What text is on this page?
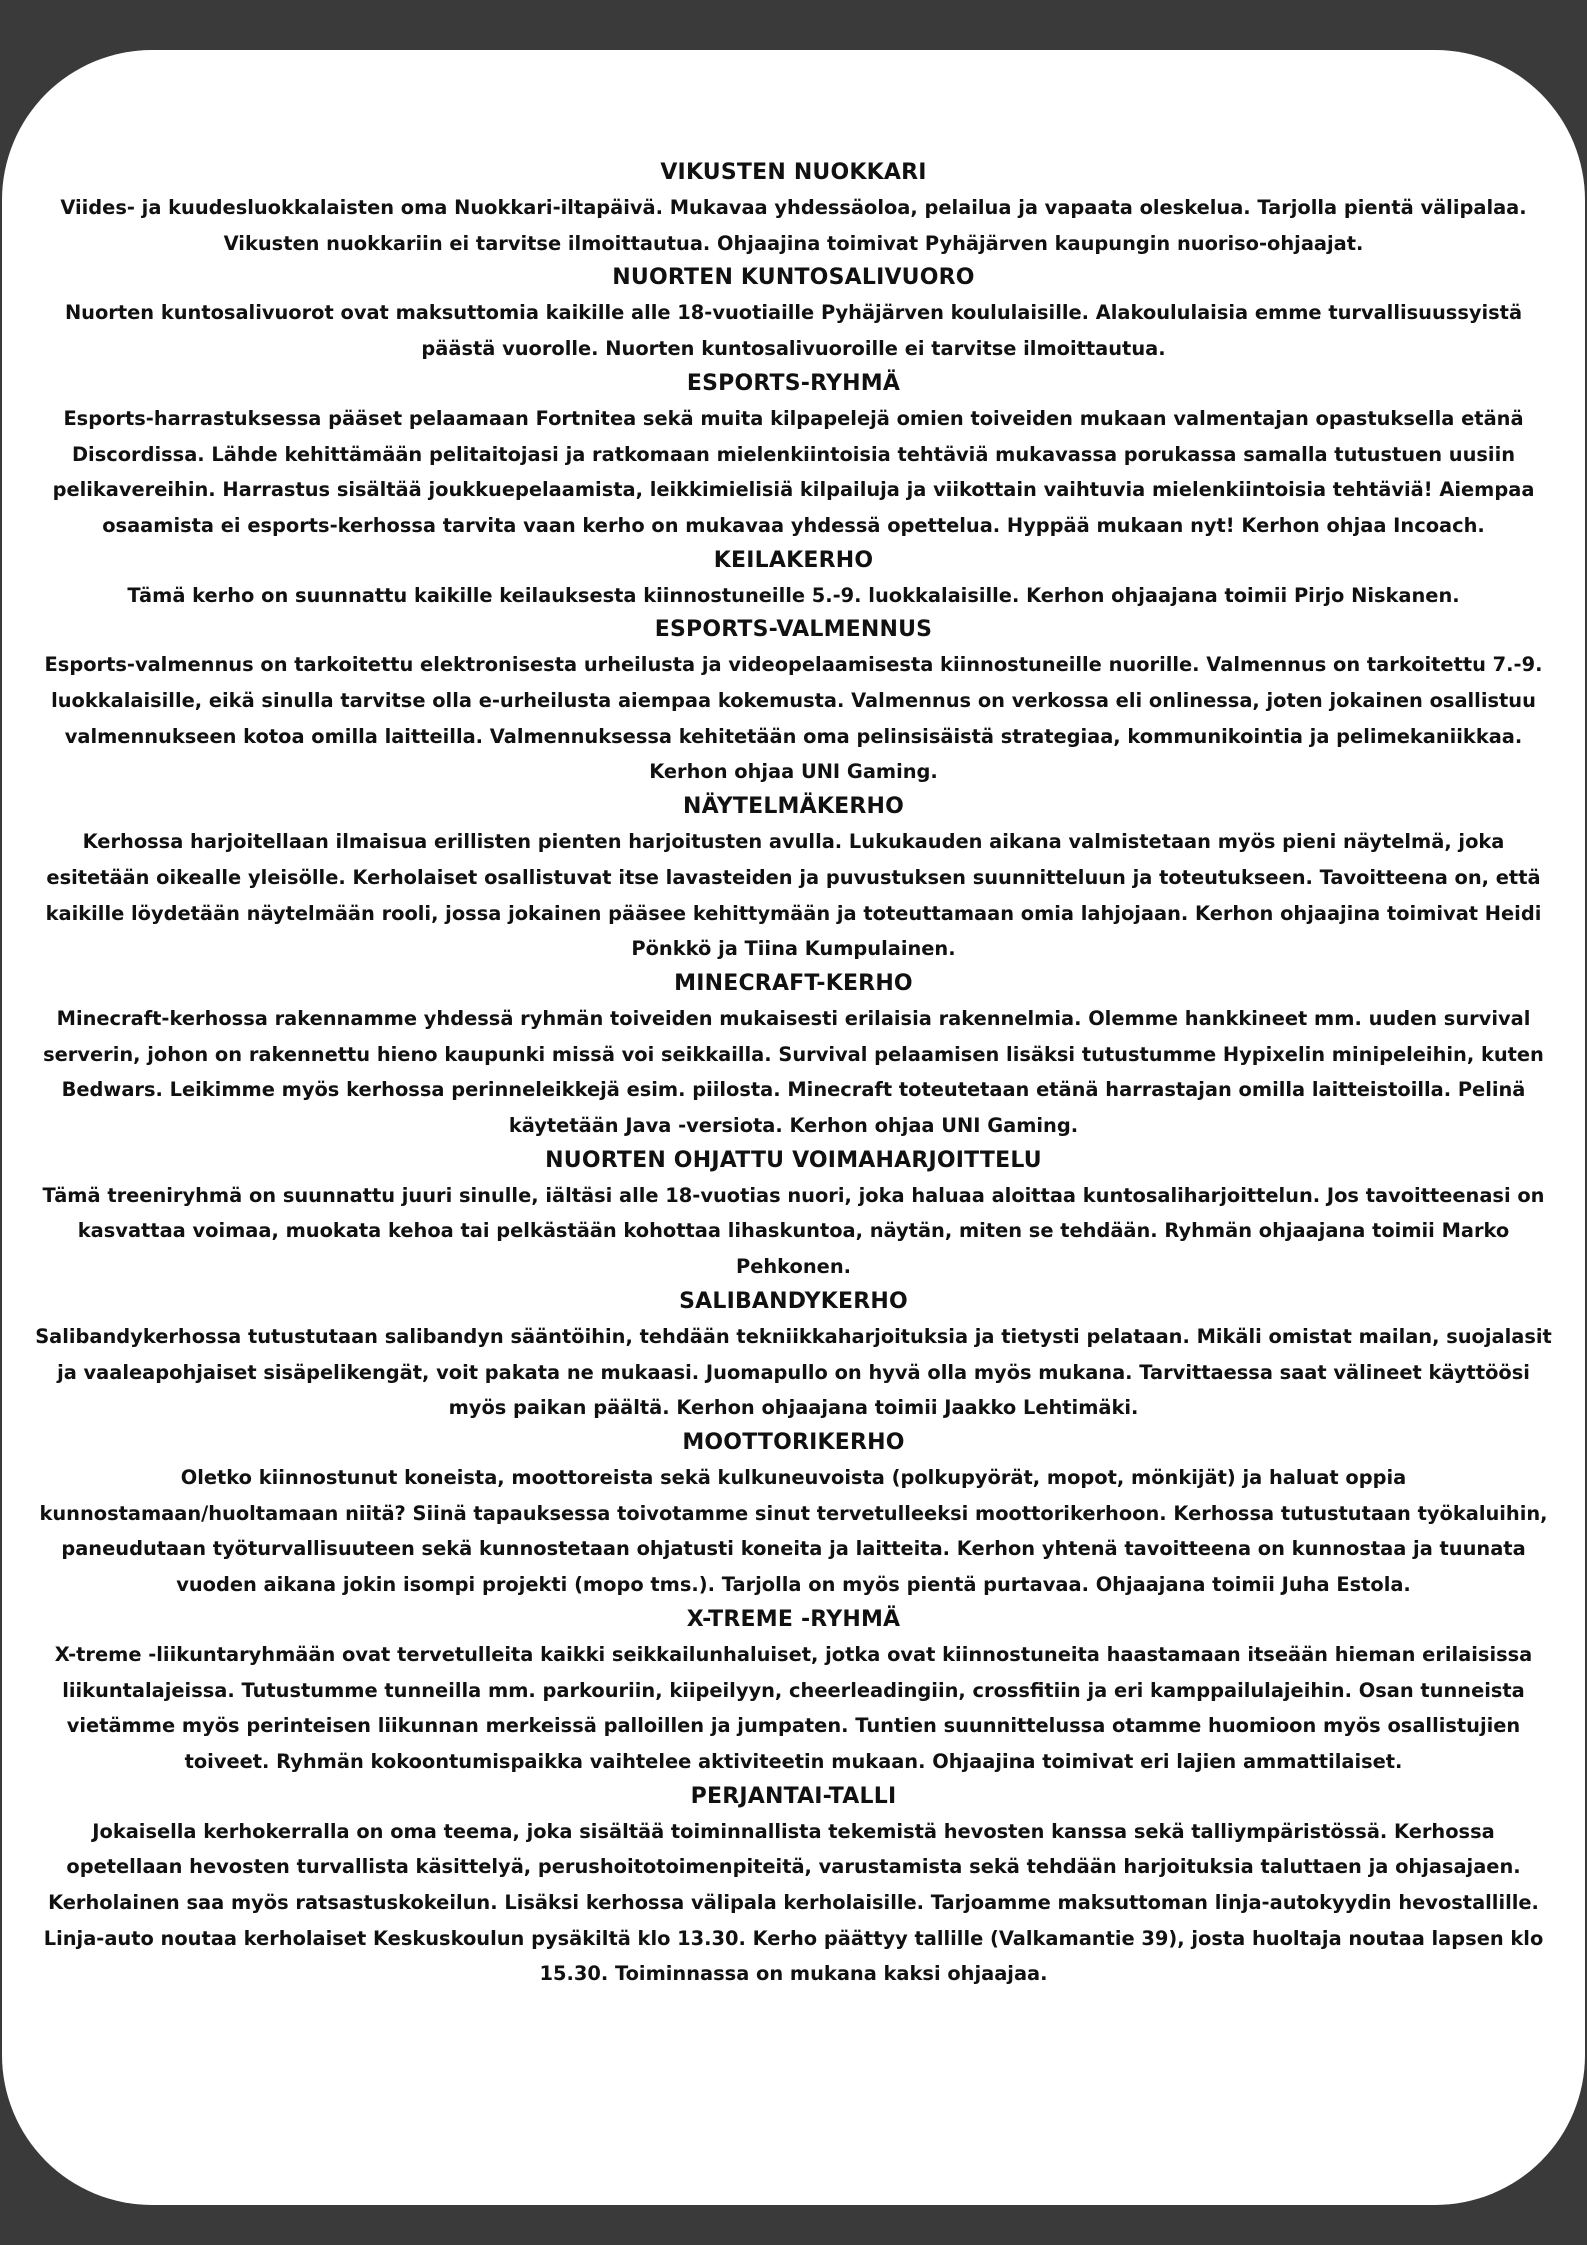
VIKUSTEN NUOKKARI

Viides- ja kuudesluokkalaisten oma Nuokkari-iltapäivä. Mukavaa yhdessäoloa, pelailua ja vapaata oleskelua. Tarjolla pientä välipalaa. Vikusten nuokkariin ei tarvitse ilmoittautua. Ohjaajina toimivat Pyhäjärven kaupungin nuoriso-ohjaajat.

NUORTEN KUNTOSALIVUORO

Nuorten kuntosalivuorot ovat maksuttomia kaikille alle 18-vuotiaille Pyhäjärven koululaisille. Alakoululaisia emme turvallisuussyistä päästä vuorolle. Nuorten kuntosalivuoroille ei tarvitse ilmoittautua.

ESPORTS-RYHMÄ

Esports-harrastuksessa pääset pelaamaan Fortnitea sekä muita kilpapelejä omien toiveiden mukaan valmentajan opastuksella etänä Discordissa. Lähde kehittämään pelitaitojasi ja ratkomaan mielenkiintoisia tehtäviä mukavassa porukassa samalla tutustuen uusiin pelikavereihin. Harrastus sisältää joukkuepelaamista, leikkimielisiä kilpailuja ja viikottain vaihtuvia mielenkiintoisia tehtäviä! Aiempaa osaamista ei esports-kerhossa tarvita vaan kerho on mukavaa yhdessä opettelua. Hyppää mukaan nyt! Kerhon ohjaa Incoach.

KEILAKERHO

Tämä kerho on suunnattu kaikille keilauksesta kiinnostuneille 5.-9. luokkalaisille. Kerhon ohjaajana toimii Pirjo Niskanen.

ESPORTS-VALMENNUS

Esports-valmennus on tarkoitettu elektronisesta urheilusta ja videopelaamisesta kiinnostuneille nuorille. Valmennus on tarkoitettu 7.-9. luokkalaisille, eikä sinulla tarvitse olla e-urheilusta aiempaa kokemusta. Valmennus on verkossa eli onlinessa, joten jokainen osallistuu valmennukseen kotoa omilla laitteilla. Valmennuksessa kehitetään oma pelinsisäistä strategiaa, kommunikointia ja pelimekaniikkaa. Kerhon ohjaa UNI Gaming.

NÄYTELMÄKERHO

Kerhossa harjoitellaan ilmaisua erillisten pienten harjoitusten avulla. Lukukauden aikana valmistetaan myös pieni näytelmä, joka esitetään oikealle yleisölle. Kerholaiset osallistuvat itse lavasteiden ja puvustuksen suunnitteluun ja toteutukseen. Tavoitteena on, että kaikille löydetään näytelmään rooli, jossa jokainen pääsee kehittymään ja toteuttamaan omia lahjojaan. Kerhon ohjaajina toimivat Heidi Pönkkö ja Tiina Kumpulainen.

MINECRAFT-KERHO

Minecraft-kerhossa rakennamme yhdessä ryhmän toiveiden mukaisesti erilaisia rakennelmia. Olemme hankkineet mm. uuden survival serverin, johon on rakennettu hieno kaupunki missä voi seikkailla. Survival pelaamisen lisäksi tutustumme Hypixelin minipeleihin, kuten Bedwars. Leikimme myös kerhossa perinneleikkejä esim. piilosta. Minecraft toteutetaan etänä harrastajan omilla laitteistoilla. Pelinä käytetään Java -versiota. Kerhon ohjaa UNI Gaming.

NUORTEN OHJATTU VOIMAHARJOITTELU

Tämä treeniryhmä on suunnattu juuri sinulle, iältäsi alle 18-vuotias nuori, joka haluaa aloittaa kuntosaliharjoittelun. Jos tavoitteenasi on kasvattaa voimaa, muokata kehoa tai pelkästään kohottaa lihaskuntoa, näytän, miten se tehdään. Ryhmän ohjaajana toimii Marko Pehkonen.

SALIBANDYKERHO

Salibandykerhossa tutustutaan salibandyn sääntöihin, tehdään tekniikkaharjoituksia ja tietysti pelataan. Mikäli omistat mailan, suojalasit ja vaaleapohjaiset sisäpelikengät, voit pakata ne mukaasi. Juomapullo on hyvä olla myös mukana. Tarvittaessa saat välineet käyttöösi myös paikan päältä. Kerhon ohjaajana toimii Jaakko Lehtimäki.

MOOTTORIKERHO

Oletko kiinnostunut koneista, moottoreista sekä kulkuneuvoista (polkupyörät, mopot, mönkijät) ja haluat oppia kunnostamaan/huoltamaan niitä? Siinä tapauksessa toivotamme sinut tervetulleeksi moottorikerhoon. Kerhossa tutustutaan työkaluihin, paneudutaan työturvallisuuteen sekä kunnostetaan ohjatusti koneita ja laitteita. Kerhon yhtenä tavoitteena on kunnostaa ja tuunata vuoden aikana jokin isompi projekti (mopo tms.). Tarjolla on myös pientä purtavaa. Ohjaajana toimii Juha Estola.

X-TREME -RYHMÄ

X-treme -liikuntaryhmään ovat tervetulleita kaikki seikkailunhaluiset, jotka ovat kiinnostuneita haastamaan itseään hieman erilaisissa liikuntalajeissa. Tutustumme tunneilla mm. parkouriin, kiipeilyyn, cheerleadingiin, crossfitiin ja eri kamppailulajeihin. Osan tunneista vietämme myös perinteisen liikunnan merkeissä palloillen ja jumpaten. Tuntien suunnittelussa otamme huomioon myös osallistujien toiveet. Ryhmän kokoontumispaikka vaihtelee aktiviteetin mukaan. Ohjaajina toimivat eri lajien ammattilaiset.

PERJANTAI-TALLI

Jokaisella kerhokerralla on oma teema, joka sisältää toiminnallista tekemistä hevosten kanssa sekä talliympäristössä. Kerhossa opetellaan hevosten turvallista käsittelyä, perushoitotoimenpiteitä, varustamista sekä tehdään harjoituksia taluttaen ja ohjasajaen. Kerholainen saa myös ratsastuskokeilun. Lisäksi kerhossa välipala kerholaisille. Tarjoamme maksuttoman linja-autokyydin hevostallille. Linja-auto noutaa kerholaiset Keskuskoulun pysäkiltä klo 13.30. Kerho päättyy tallille (Valkamantie 39), josta huoltaja noutaa lapsen klo 15.30. Toiminnassa on mukana kaksi ohjaajaa.
